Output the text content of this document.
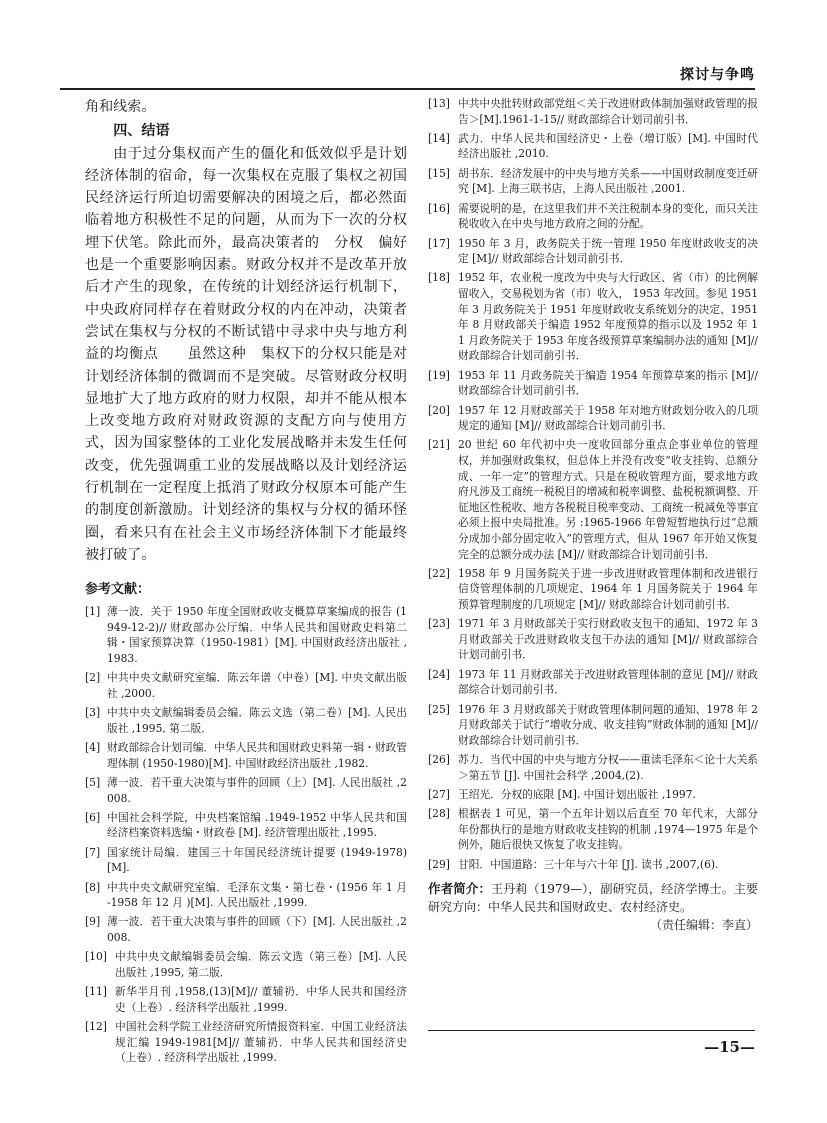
探讨与争鸣

角和线索。

四、结语

由于过分集权而产生的僵化和低效似乎是计划经济体制的宿命，每一次集权在克服了集权之初国民经济运行所迫切需要解决的困境之后，都必然面临着地方积极性不足的问题，从而为下一次的分权埋下伏笔。除此而外，最高决策者的　分权　偏好也是一个重要影响因素。财政分权并不是改革开放后才产生的现象，在传统的计划经济运行机制下，中央政府同样存在着财政分权的内在冲动，决策者尝试在集权与分权的不断试错中寻求中央与地方利益的均衡点　　虽然这种　集权下的分权只能是对计划经济体制的微调而不是突破。尽管财政分权明显地扩大了地方政府的财力权限，却并不能从根本上改变地方政府对财政资源的支配方向与使用方式，因为国家整体的工业化发展战略并未发生任何改变，优先强调重工业的发展战略以及计划经济运行机制在一定程度上抵消了财政分权原本可能产生的制度创新激励。计划经济的集权与分权的循环怪圈，看来只有在社会主义市场经济体制下才能最终被打破了。

参考文献：
[1] 薄一波．关于 1950 年度全国财政收支概算草案编成的报告 (1949-12-2)// 财政部办公厅编．中华人民共和国财政史料第二辑・国家预算决算（1950-1981）[M]. 中国财政经济出版社 ,1983.
[2] 中共中央文献研究室编．陈云年谱（中卷）[M]. 中央文献出版社 ,2000.
[3] 中共中央文献编辑委员会编．陈云文选（第二卷）[M]. 人民出版社 ,1995, 第二版．
[4] 财政部综合计划司编．中华人民共和国财政史料第一辑・财政管理体制 (1950-1980)[M]. 中国财政经济出版社 ,1982.
[5] 薄一波．若干重大决策与事件的回顾（上）[M]. 人民出版社 ,2008.
[6] 中国社会科学院，中央档案馆编 .1949-1952 中华人民共和国经济档案资料选编・财政卷 [M]. 经济管理出版社 ,1995.
[7] 国家统计局编．建国三十年国民经济统计提要 (1949-1978) [M].
[8] 中共中央文献研究室编．毛泽东文集・第七卷・(1956 年 1 月 -1958 年 12 月 )[M]. 人民出版社 ,1999.
[9] 薄一波．若干重大决策与事件的回顾（下）[M]. 人民出版社 ,2008.
[10] 中共中央文献编辑委员会编．陈云文选（第三卷）[M]. 人民出版社 ,1995, 第二版．
[11] 新华半月刊 ,1958,(13)[M]// 董辅礽．中华人民共和国经济史（上卷）. 经济科学出版社 ,1999.
[12] 中国社会科学院工业经济研究所情报资料室．中国工业经济法规汇编 1949-1981[M]// 董辅礽．中华人民共和国经济史（上卷）. 经济科学出版社 ,1999.
[13] 中共中央批转财政部党组＜关于改进财政体制加强财政管理的报告＞[M].1961-1-15// 财政部综合计划司前引书．
[14] 武力．中华人民共和国经济史・上卷（增订版）[M]. 中国时代经济出版社 ,2010.
[15] 胡书东．经济发展中的中央与地方关系——中国财政制度变迁研究 [M]. 上海三联书店，上海人民出版社 ,2001.
[16] 需要说明的是，在这里我们并不关注税制本身的变化，而只关注税收收入在中央与地方政府之间的分配。
[17] 1950 年 3 月，政务院关于统一管理 1950 年度财政收支的决定 [M]// 财政部综合计划司前引书．
[18] 1952 年，农业税一度改为中央与大行政区、省（市）的比例解留收入，交易税划为省（市）收入， 1953 年改回。参见 1951 年 3 月政务院关于 1951 年度财政收支系统划分的决定、1951 年 8 月财政部关于编造 1952 年度预算的指示以及 1952 年 11 月政务院关于 1953 年度各级预算草案编制办法的通知 [M]// 财政部综合计划司前引书．
[19] 1953 年 11 月政务院关于编造 1954 年预算草案的指示 [M]// 财政部综合计划司前引书．
[20] 1957 年 12 月财政部关于 1958 年对地方财政划分收入的几项规定的通知 [M]// 财政部综合计划司前引书．
[21] 20 世纪 60 年代初中央一度收回部分重点企事业单位的管理权，并加强财政集权，但总体上并没有改变“收支挂钩、总额分成、一年一定”的管理方式。只是在税收管理方面，要求地方政府凡涉及工商统一税税目的增减和税率调整、盐税税额调整、开征地区性税收、地方各税税目税率变动、工商统一税减免等事宜必须上报中央局批准。另 :1965-1966 年曾短暂地执行过“总额分成加小部分固定收入”的管理方式，但从 1967 年开始又恢复完全的总额分成办法 [M]// 财政部综合计划司前引书．
[22] 1958 年 9 月国务院关于进一步改进财政管理体制和改进银行信贷管理体制的几项规定、1964 年 1 月国务院关于 1964 年预算管理制度的几项规定 [M]// 财政部综合计划司前引书．
[23] 1971 年 3 月财政部关于实行财政收支包干的通知、1972 年 3 月财政部关于改进财政收支包干办法的通知 [M]// 财政部综合计划司前引书．
[24] 1973 年 11 月财政部关于改进财政管理体制的意见 [M]// 财政部综合计划司前引书．
[25] 1976 年 3 月财政部关于财政管理体制问题的通知、1978 年 2 月财政部关于试行“增收分成、收支挂钩”财政体制的通知 [M]// 财政部综合计划司前引书．
[26] 苏力．当代中国的中央与地方分权——重读毛泽东＜论十大关系＞第五节 [J]. 中国社会科学 ,2004,(2).
[27] 王绍光．分权的底限 [M]. 中国计划出版社 ,1997.
[28] 根据表 1 可见，第一个五年计划以后直至 70 年代末，大部分年份都执行的是地方财政收支挂钩的机制 ,1974—1975 年是个例外，随后很快又恢复了收支挂钩。
[29] 甘阳．中国道路：三十年与六十年 [J]. 读书 ,2007,(6).
作者简介：王丹莉（1979—），副研究员，经济学博士。主要研究方向：中华人民共和国财政史、农村经济史。
（责任编辑：李直）
—15—
